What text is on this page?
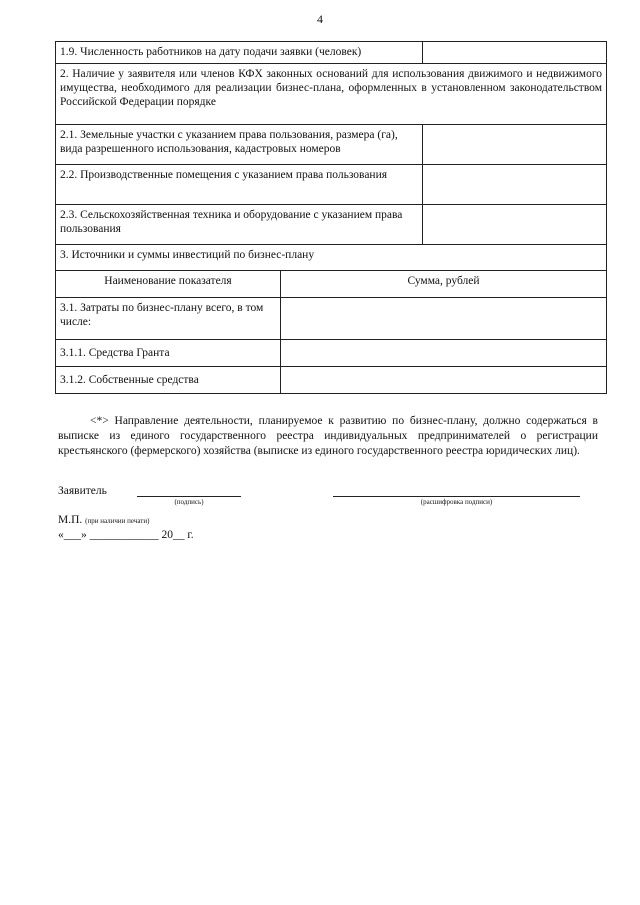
4
1.9. Численность работников на дату подачи заявки (человек)		
2. Наличие у заявителя или членов КФХ законных оснований для использования движимого и недвижимого имущества, необходимого для реализации бизнес-плана, оформленных в установленном законодательством Российской Федерации порядке		
2.1. Земельные участки с указанием права пользования, размера (га), вида разрешенного использования, кадастровых номеров		
2.2. Производственные помещения с указанием права пользования		
2.3. Сельскохозяйственная техника и оборудование с указанием права пользования		
3. Источники и суммы инвестиций по бизнес-плану		
Наименование показателя	Сумма, рублей	
3.1. Затраты по бизнес-плану всего, в том числе:		
3.1.1. Средства Гранта		
3.1.2. Собственные средства		
<*> Направление деятельности, планируемое к развитию по бизнес-плану, должно содержаться в выписке из единого государственного реестра индивидуальных предпринимателей о регистрации крестьянского (фермерского) хозяйства (выписке из единого государственного реестра юридических лиц).
Заявитель
(подпись)	(расшифровка подписи)
М.П. (при наличии печати)
«___» ____________ 20__ г.
